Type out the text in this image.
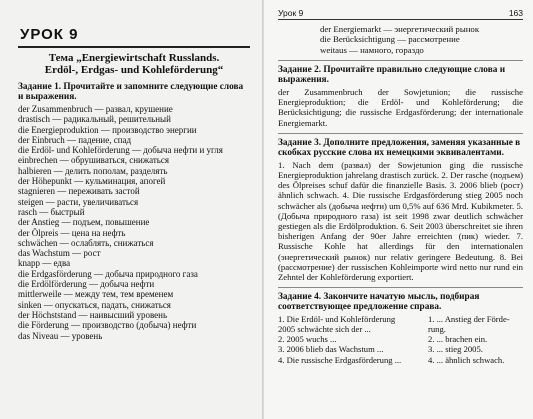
УРОК 9
Тема „Energiewirtschaft Russlands.
Erdöl-, Erdgas- und Kohleförderung“
Задание 1. Прочитайте и запомните следующие слова и выражения.
der Zusammenbruch — развал, крушение
drastisch — радикальный, решительный
die Energieproduktion — производство энергии
der Einbruch — падение, спад
die Erdöl- und Kohleförderung — добыча нефти и угля
einbrechen — обрушиваться, снижаться
halbieren — делить пополам, разделять
der Höhepunkt — кульминация, апогей
stagnieren — переживать застой
steigen — расти, увеличиваться
rasch — быстрый
der Anstieg — подъем, повышение
der Ölpreis — цена на нефть
schwächen — ослаблять, снижаться
das Wachstum — рост
knapp — едва
die Erdgasförderung — добыча природного газа
die Erdölförderung — добыча нефти
mittlerweile — между тем, тем временем
sinken — опускаться, падать, снижаться
der Höchststand — наивысший уровень
die Förderung — производство (добыча) нефти
das Niveau — уровень
Урок 9	163
der Energiemarkt — энергетический рынок
die Berücksichtigung — рассмотрение
weitaus — намного, гораздо
Задание 2. Прочитайте правильно следующие слова и выражения.
der Zusammenbruch der Sowjetunion; die russische Energieproduktion; die Erdöl- und Kohleförderung; die Berücksichtigung; die russische Erdgasförderung; der internationale Energiemarkt.
Задание 3. Дополните предложения, заменяя указанные в скобках русские слова их немецкими эквивалентами.
1. Nach dem (развал) der Sowjetunion ging die russische Energieproduktion jahrelang drastisch zurück. 2. Der rasche (подъем) des Ölpreises schuf dafür die finanzielle Basis. 3. 2006 blieb (рост) ähnlich schwach. 4. Die russische Erdgasförderung stieg 2005 noch schwächer als (добыча нефти) um 0,5% auf 636 Mrd. Kubikmeter. 5. (Добыча природного газа) ist seit 1998 zwar deutlich schwächer gestiegen als die Erdölproduktion. 6. Seit 2003 überschreitet sie ihren bisherigen Anfang der 90er Jahre erreichten (пик) wieder. 7. Russische Kohle hat allerdings für den internationalen (энергетический рынок) nur relativ geringere Bedeutung. 8. Bei (рассмотрение) der russischen Kohleimporte wird netto nur rund ein Zehntel der Kohleförderung exportiert.
Задание 4. Закончите начатую мысль, подбирая соответствующее предложение справа.
1. Die Erdöl- und Kohleförderung	1. ... Anstieg der Förde-
2005 schwächte sich der ...	rung.
2. 2005 wuchs ...	2. ... brachen ein.
3. 2006 blieb das Wachstum ...	3. ... stieg 2005.
4. Die russische Erdgasförderung ...	4. ... ähnlich schwach.
